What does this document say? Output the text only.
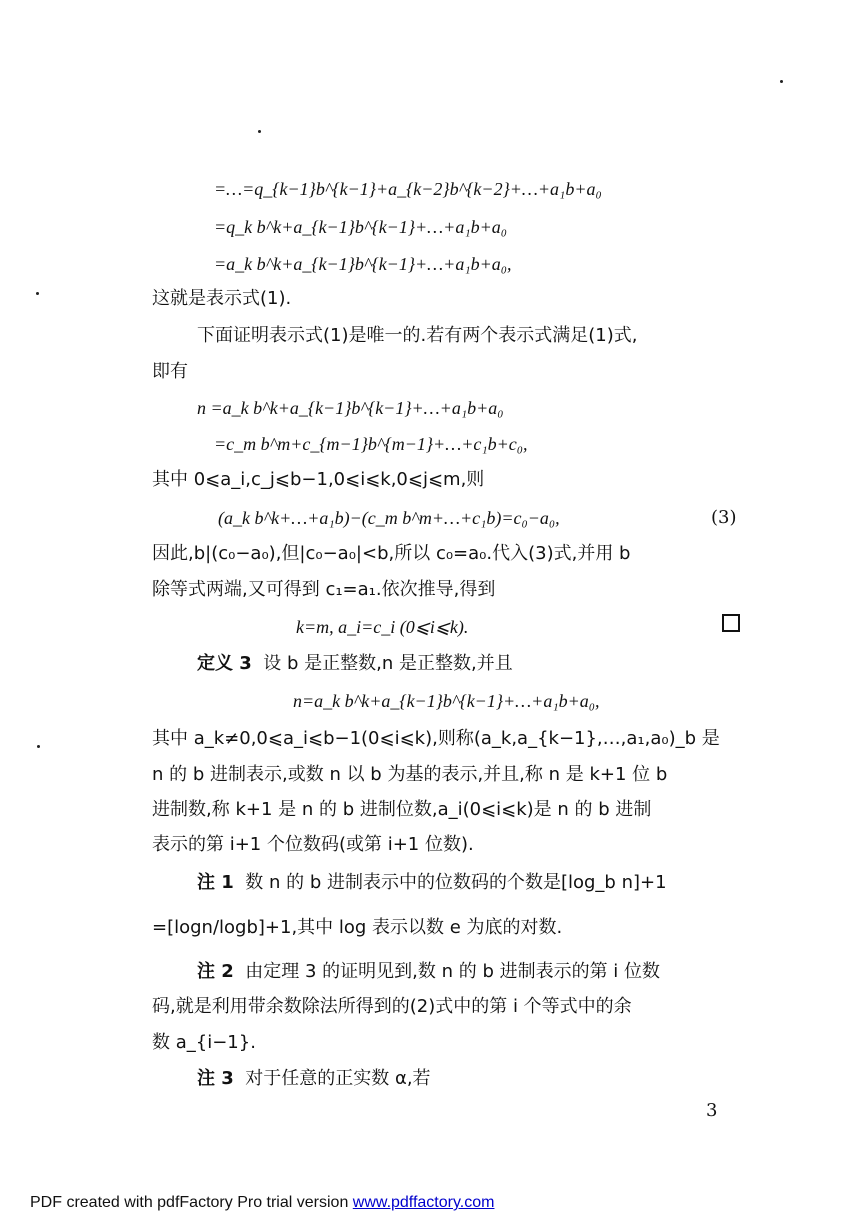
=…=q_{k−1}b^{k−1}+a_{k−2}b^{k−2}+…+a₁b+a₀
=q_k b^k+a_{k−1}b^{k−1}+…+a₁b+a₀
=a_k b^k+a_{k−1}b^{k−1}+…+a₁b+a₀,
这就是表示式(1).
下面证明表示式(1)是唯一的.若有两个表示式满足(1)式,
即有
n =a_k b^k+a_{k−1}b^{k−1}+…+a₁b+a₀
=c_m b^m+c_{m−1}b^{m−1}+…+c₁b+c₀,
其中 0⩽a_i,c_j⩽b−1,0⩽i⩽k,0⩽j⩽m,则
(a_k b^k+…+a₁b)−(c_m b^m+…+c₁b)=c₀−a₀,	(3)
因此,b|(c₀−a₀),但|c₀−a₀|<b,所以 c₀=a₀.代入(3)式,并用 b
除等式两端,又可得到 c₁=a₁.依次推导,得到
k=m, a_i=c_i (0⩽i⩽k).
定义 3 设 b 是正整数,n 是正整数,并且
n=a_k b^k+a_{k−1}b^{k−1}+…+a₁b+a₀,
其中 a_k≠0,0⩽a_i⩽b−1(0⩽i⩽k),则称(a_k,a_{k−1},…,a₁,a₀)_b 是
n 的 b 进制表示,或数 n 以 b 为基的表示,并且,称 n 是 k+1 位 b
进制数,称 k+1 是 n 的 b 进制位数,a_i(0⩽i⩽k)是 n 的 b 进制
表示的第 i+1 个位数码(或第 i+1 位数).
注 1 数 n 的 b 进制表示中的位数码的个数是[log_b n]+1
=[logn/logb]+1,其中 log 表示以数 e 为底的对数.
注 2 由定理 3 的证明见到,数 n 的 b 进制表示的第 i 位数
码,就是利用带余数除法所得到的(2)式中的第 i 个等式中的余
数 a_{i−1}.
注 3 对于任意的正实数 α,若
3
PDF created with pdfFactory Pro trial version www.pdffactory.com
